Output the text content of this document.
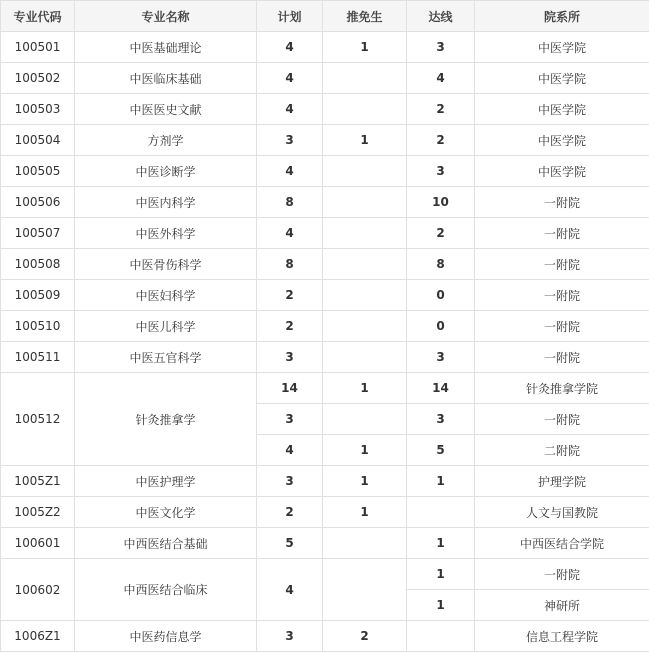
专业代码	专业名称	计划	推免生	达线	院系所
100501	中医基础理论	4	1	3	中医学院
100502	中医临床基础	4		4	中医学院
100503	中医医史文献	4		2	中医学院
100504	方剂学	3	1	2	中医学院
100505	中医诊断学	4		3	中医学院
100506	中医内科学	8		10	一附院
100507	中医外科学	4		2	一附院
100508	中医骨伤科学	8		8	一附院
100509	中医妇科学	2		0	一附院
100510	中医儿科学	2		0	一附院
100511	中医五官科学	3		3	一附院
100512	针灸推拿学	14	1	14	针灸推拿学院
		3		3	一附院
		4	1	5	二附院
1005Z1	中医护理学	3	1	1	护理学院
1005Z2	中医文化学	2	1		人文与国教院
100601	中西医结合基础	5		1	中西医结合学院
100602	中西医结合临床	4		1	一附院
				1	神研所
1006Z1	中医药信息学	3	2		信息工程学院
